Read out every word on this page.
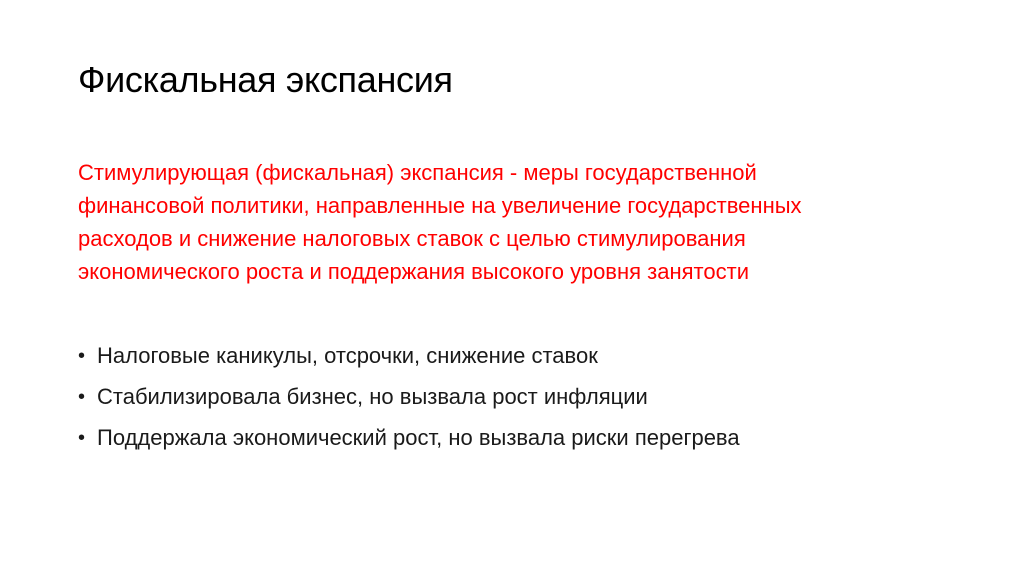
Фискальная экспансия
Стимулирующая (фискальная) экспансия - меры государственной
финансовой политики, направленные на увеличение государственных
расходов и снижение налоговых ставок с целью стимулирования
экономического роста и поддержания высокого уровня занятости
• Налоговые каникулы, отсрочки, снижение ставок
• Стабилизировала бизнес, но вызвала рост инфляции
• Поддержала экономический рост, но вызвала риски перегрева
